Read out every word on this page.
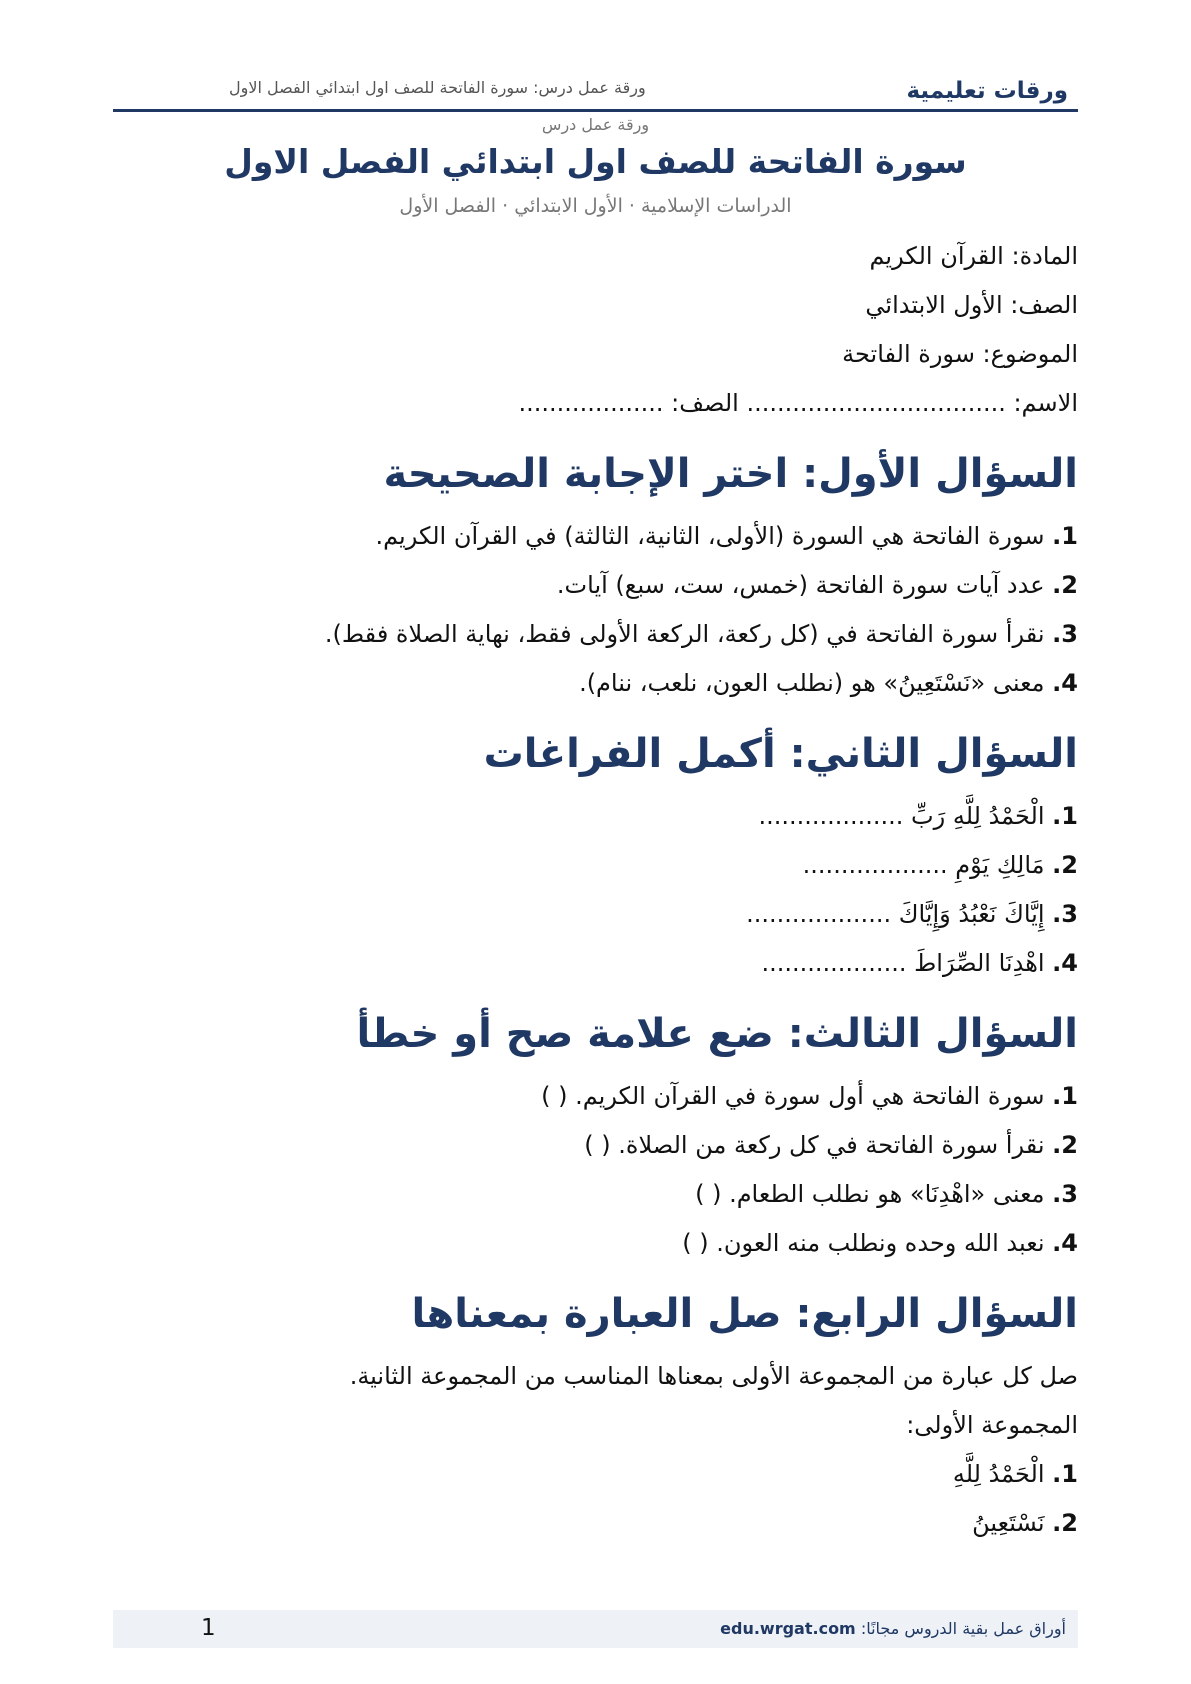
ورقات تعليمية
ورقة عمل درس: سورة الفاتحة للصف اول ابتدائي الفصل الاول
ورقة عمل درس
سورة الفاتحة للصف اول ابتدائي الفصل الاول
الدراسات الإسلامية · الأول الابتدائي · الفصل الأول
المادة: القرآن الكريم
الصف: الأول الابتدائي
الموضوع: سورة الفاتحة
الاسم: .................................. الصف: ...................
السؤال الأول: اختر الإجابة الصحيحة
1. سورة الفاتحة هي السورة (الأولى، الثانية، الثالثة) في القرآن الكريم.
2. عدد آيات سورة الفاتحة (خمس، ست، سبع) آيات.
3. نقرأ سورة الفاتحة في (كل ركعة، الركعة الأولى فقط، نهاية الصلاة فقط).
4. معنى «نَسْتَعِينُ» هو (نطلب العون، نلعب، ننام).
السؤال الثاني: أكمل الفراغات
1. الْحَمْدُ لِلَّهِ رَبِّ ...................
2. مَالِكِ يَوْمِ ...................
3. إِيَّاكَ نَعْبُدُ وَإِيَّاكَ ...................
4. اهْدِنَا الصِّرَاطَ ...................
السؤال الثالث: ضع علامة صح أو خطأ
1. سورة الفاتحة هي أول سورة في القرآن الكريم. ( )
2. نقرأ سورة الفاتحة في كل ركعة من الصلاة. ( )
3. معنى «اهْدِنَا» هو نطلب الطعام. ( )
4. نعبد الله وحده ونطلب منه العون. ( )
السؤال الرابع: صل العبارة بمعناها
صل كل عبارة من المجموعة الأولى بمعناها المناسب من المجموعة الثانية.
المجموعة الأولى:
1. الْحَمْدُ لِلَّهِ
2. نَسْتَعِينُ
أوراق عمل بقية الدروس مجانًا: edu.wrgat.com
1
